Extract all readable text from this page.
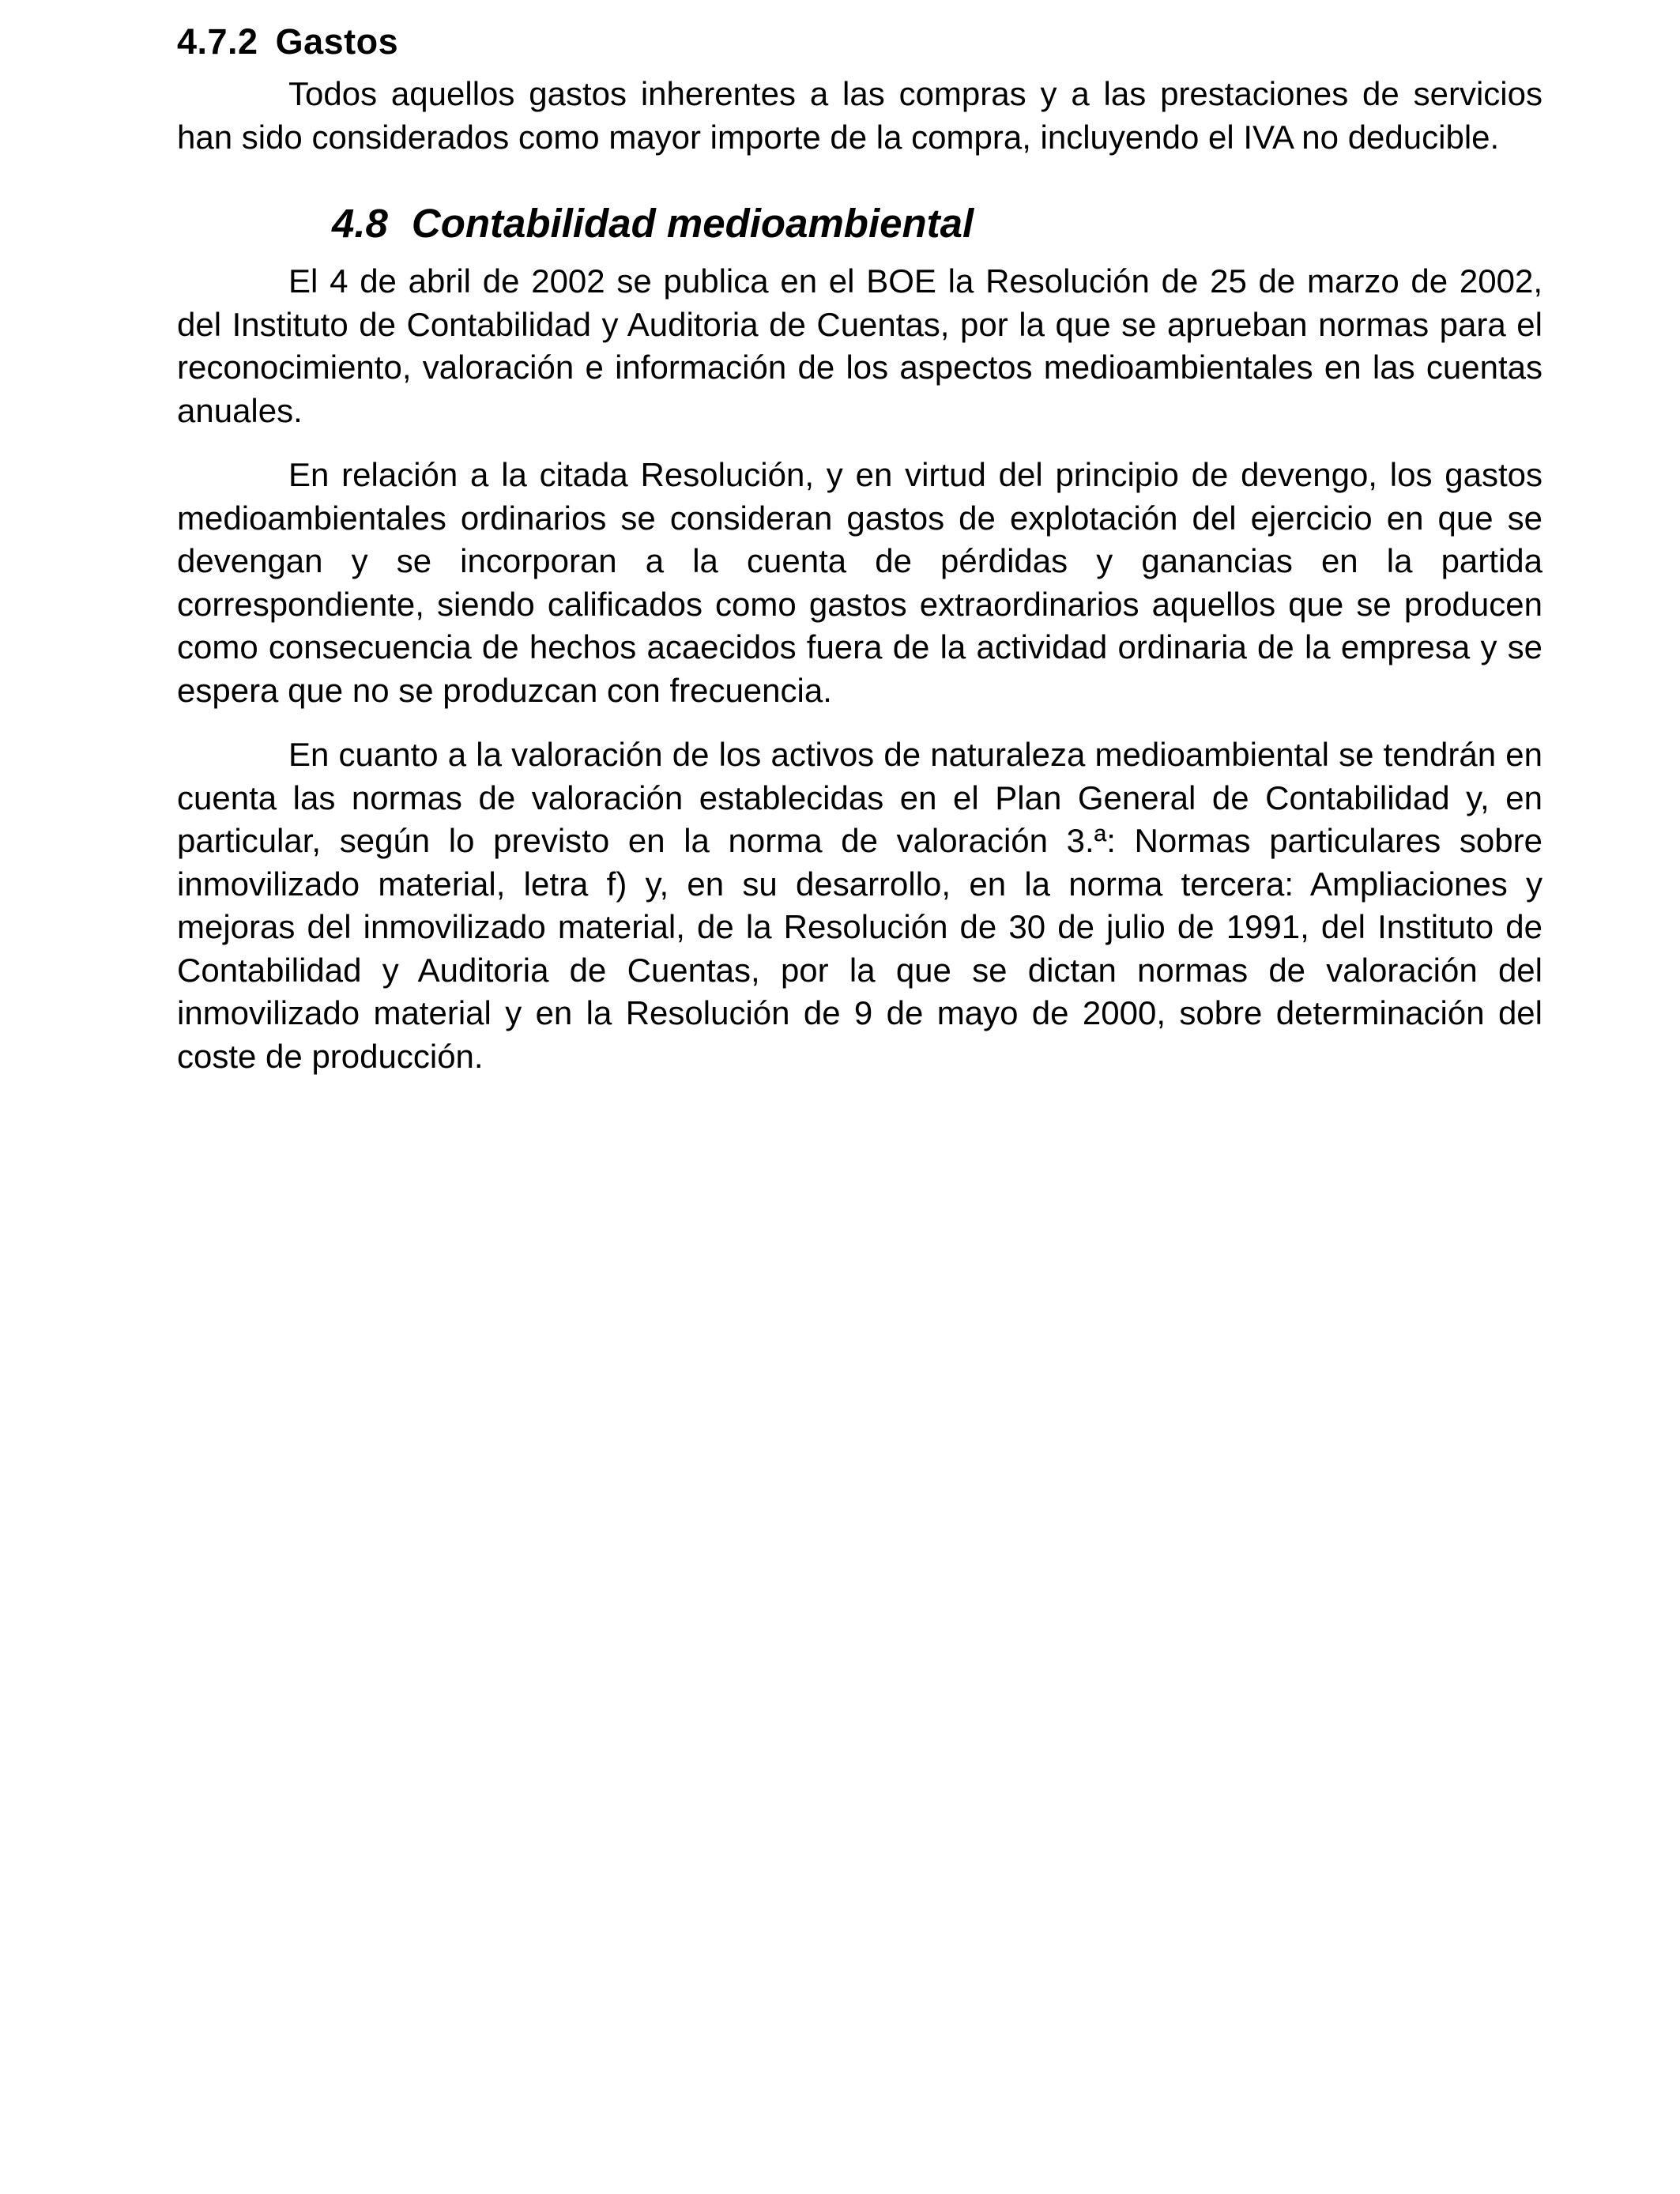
4.7.2 Gastos

Todos aquellos gastos inherentes a las compras y a las prestaciones de servicios han sido considerados como mayor importe de la compra, incluyendo el IVA no deducible.

4.8 Contabilidad medioambiental

El 4 de abril de 2002 se publica en el BOE la Resolución de 25 de marzo de 2002, del Instituto de Contabilidad y Auditoria de Cuentas, por la que se aprueban normas para el reconocimiento, valoración e información de los aspectos medioambientales en las cuentas anuales.

En relación a la citada Resolución, y en virtud del principio de devengo, los gastos medioambientales ordinarios se consideran gastos de explotación del ejercicio en que se devengan y se incorporan a la cuenta de pérdidas y ganancias en la partida correspondiente, siendo calificados como gastos extraordinarios aquellos que se producen como consecuencia de hechos acaecidos fuera de la actividad ordinaria de la empresa y se espera que no se produzcan con frecuencia.

En cuanto a la valoración de los activos de naturaleza medioambiental se tendrán en cuenta las normas de valoración establecidas en el Plan General de Contabilidad y, en particular, según lo previsto en la norma de valoración 3.ª: Normas particulares sobre inmovilizado material, letra f) y, en su desarrollo, en la norma tercera: Ampliaciones y mejoras del inmovilizado material, de la Resolución de 30 de julio de 1991, del Instituto de Contabilidad y Auditoria de Cuentas, por la que se dictan normas de valoración del inmovilizado material y en la Resolución de 9 de mayo de 2000, sobre determinación del coste de producción.
